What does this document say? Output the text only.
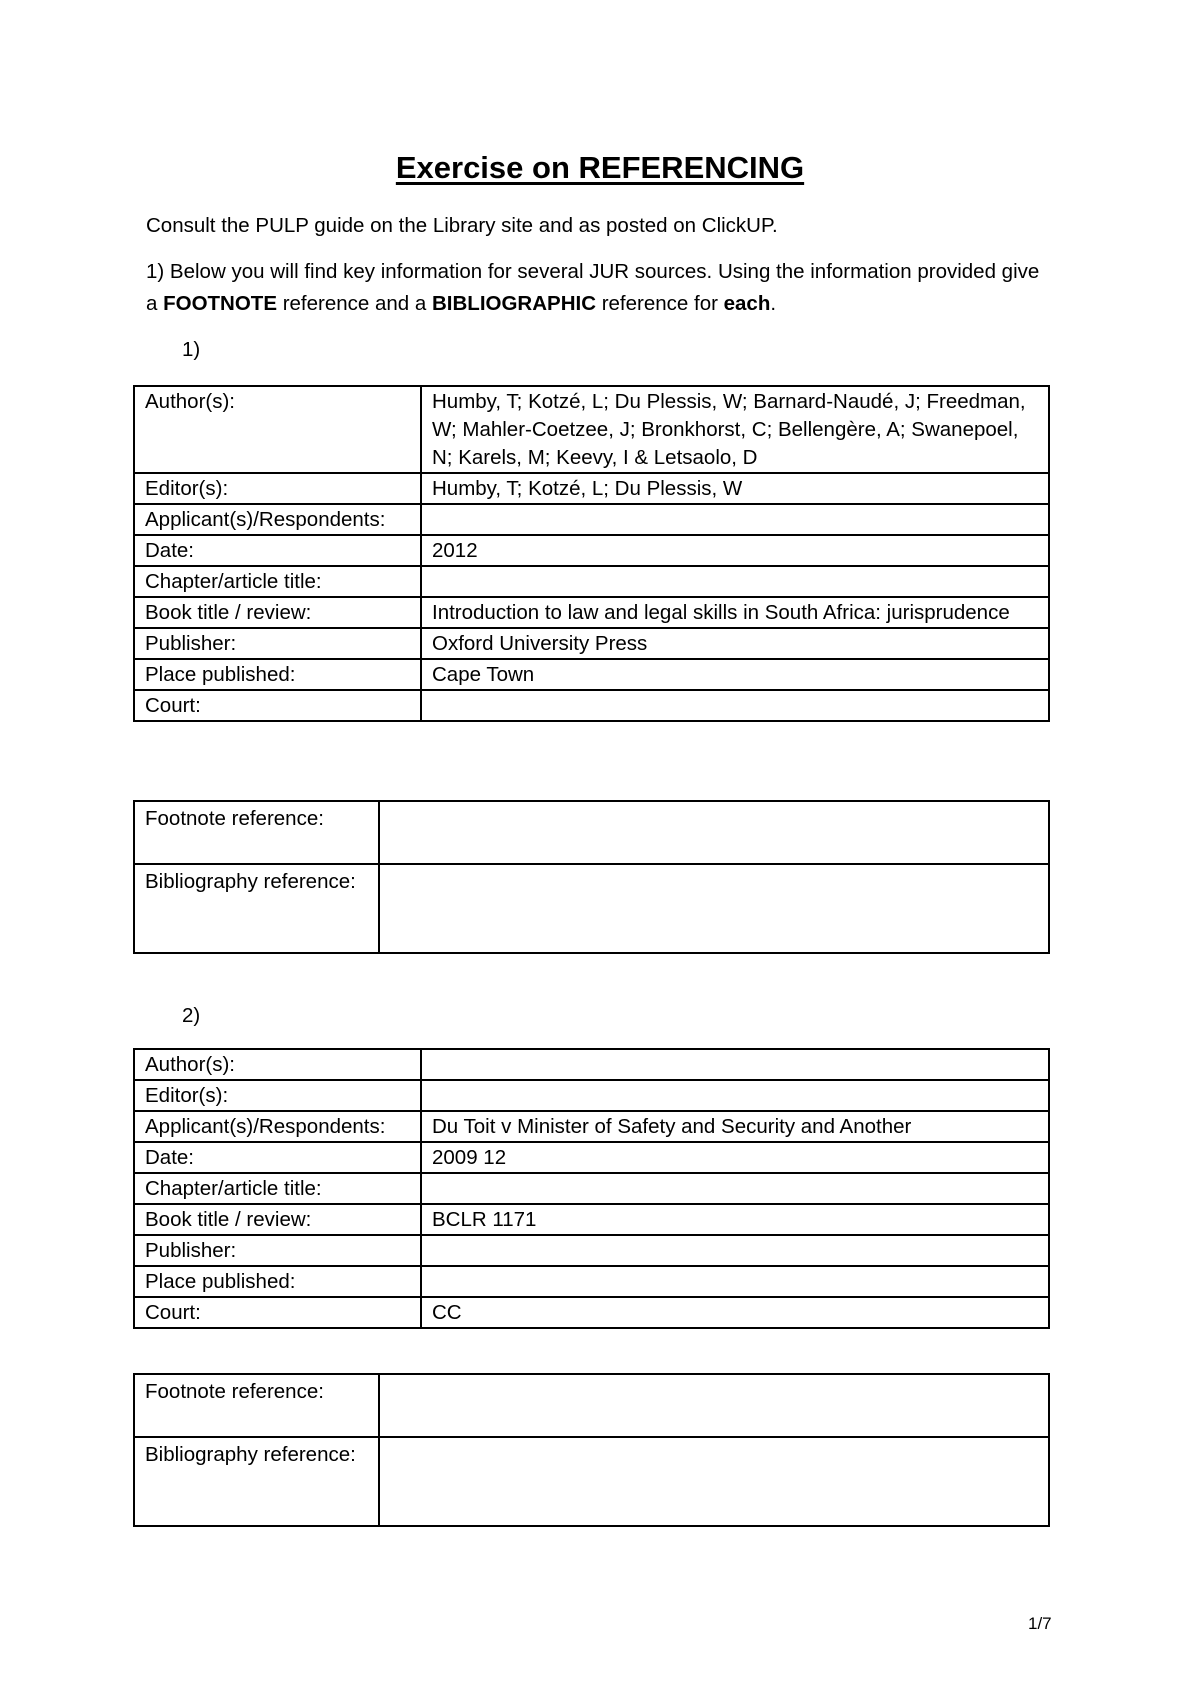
Exercise on REFERENCING
Consult the PULP guide on the Library site and as posted on ClickUP.
1) Below you will find key information for several JUR sources. Using the information provided give a FOOTNOTE reference and a BIBLIOGRAPHIC reference for each.
1)
Author(s):	Humby, T; Kotzé, L; Du Plessis, W; Barnard-Naudé, J; Freedman, W; Mahler-Coetzee, J; Bronkhorst, C; Bellengère, A; Swanepoel, N; Karels, M; Keevy, I & Letsaolo, D
Editor(s):	Humby, T; Kotzé, L; Du Plessis, W
Applicant(s)/Respondents:	
Date:	2012
Chapter/article title:	
Book title / review:	Introduction to law and legal skills in South Africa: jurisprudence
Publisher:	Oxford University Press
Place published:	Cape Town
Court:	
Footnote reference:	
Bibliography reference:	
2)
Author(s):	
Editor(s):	
Applicant(s)/Respondents:	Du Toit v Minister of Safety and Security and Another
Date:	2009 12
Chapter/article title:	
Book title / review:	BCLR 1171
Publisher:	
Place published:	
Court:	CC
Footnote reference:	
Bibliography reference:	
1/7
